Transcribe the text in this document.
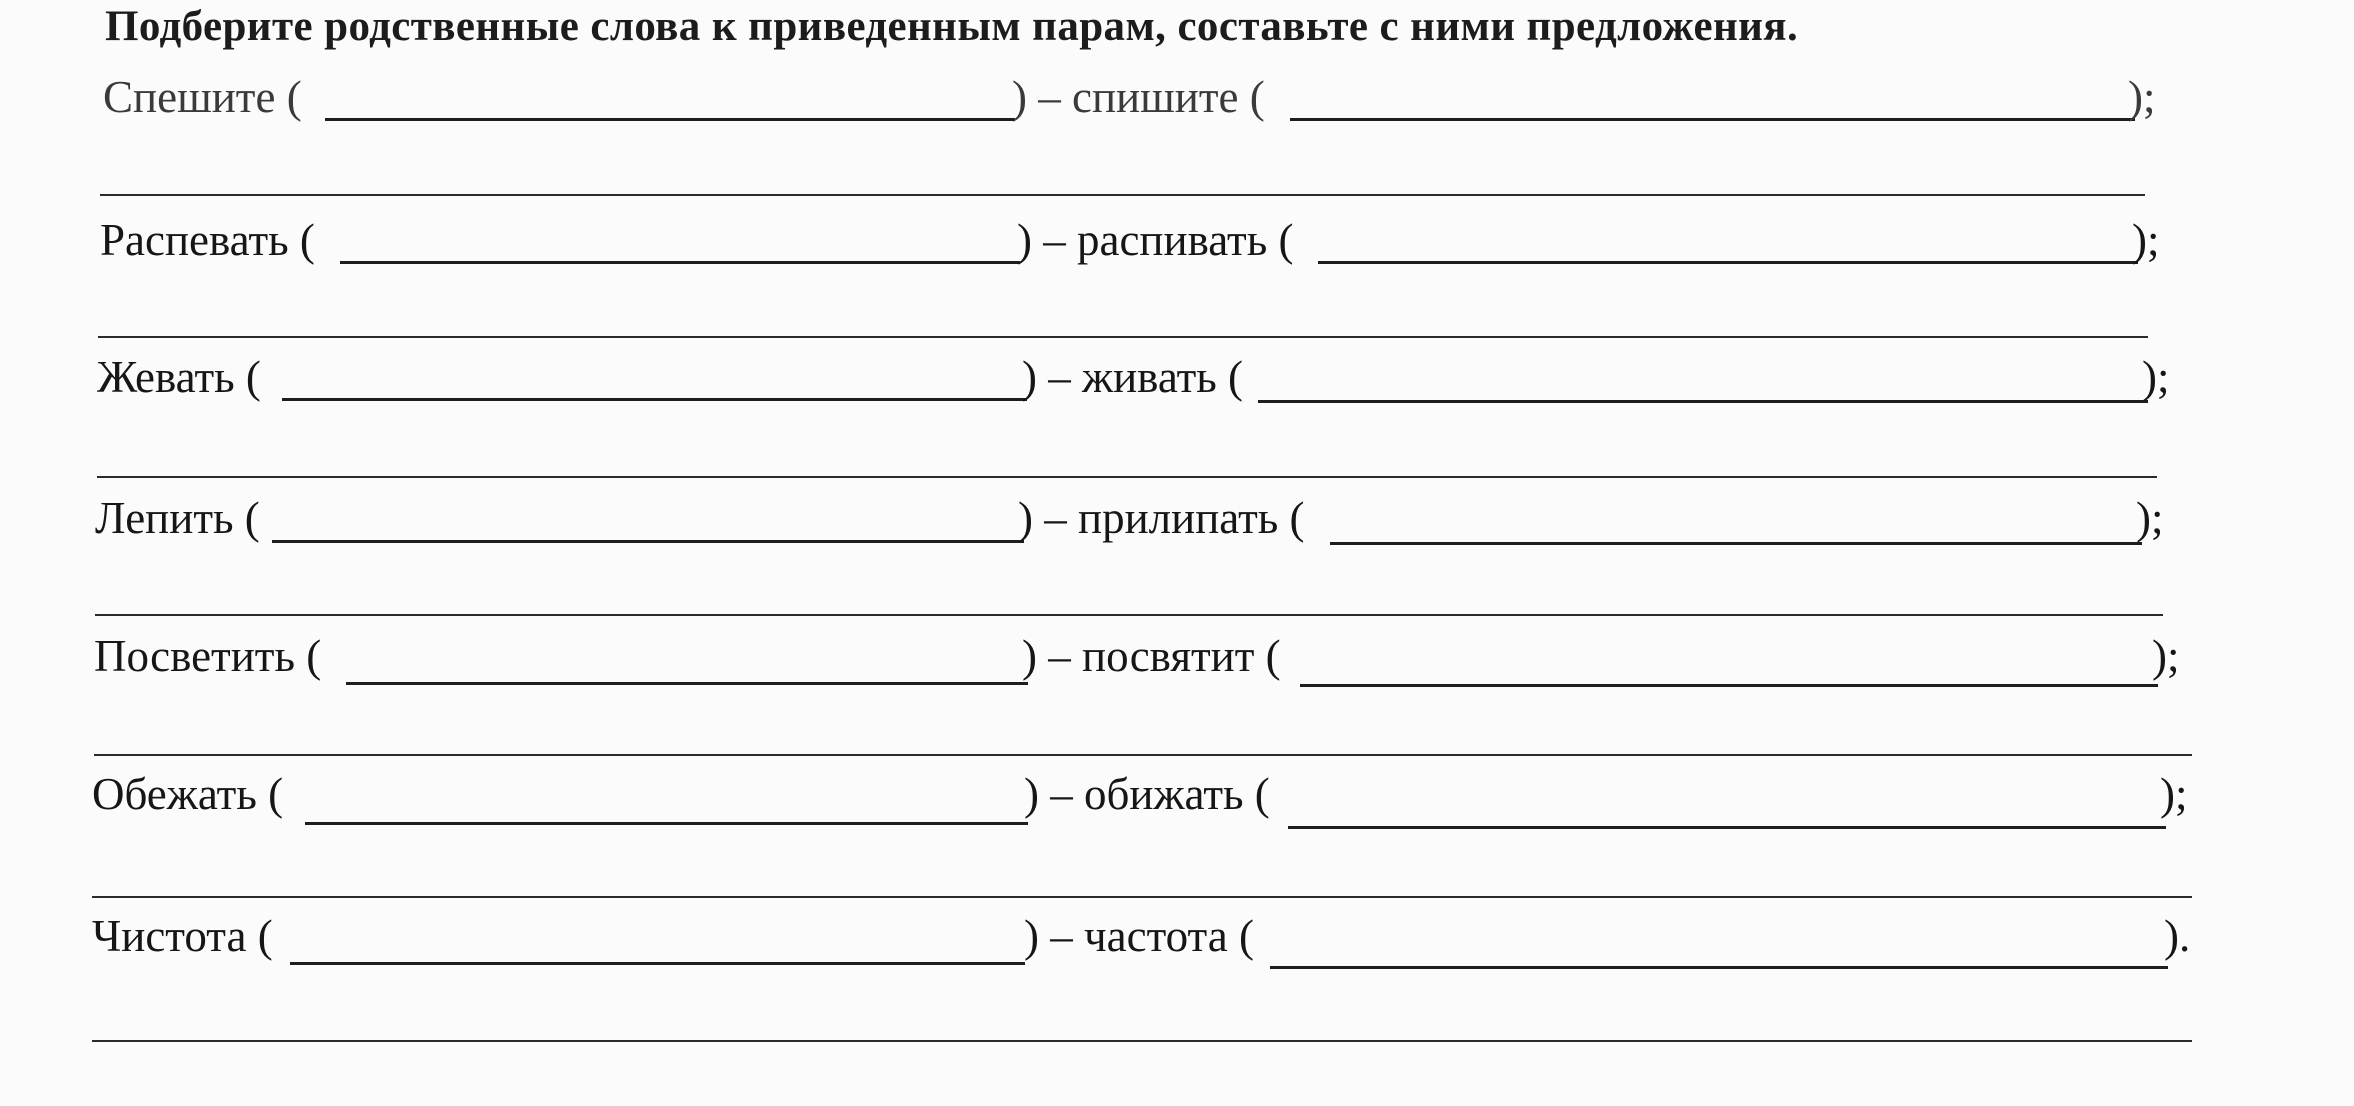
Подберите родственные слова к приведенным парам, составьте с ними предложения.
Спешите (	) – спишите (	);
Распевать (	) – распивать (	);
Жевать (	) – живать (	);
Лепить (	) – прилипать (	);
Посветить (	) – посвятит (	);
Обежать (	) – обижать (	);
Чистота (	) – частота (	).
